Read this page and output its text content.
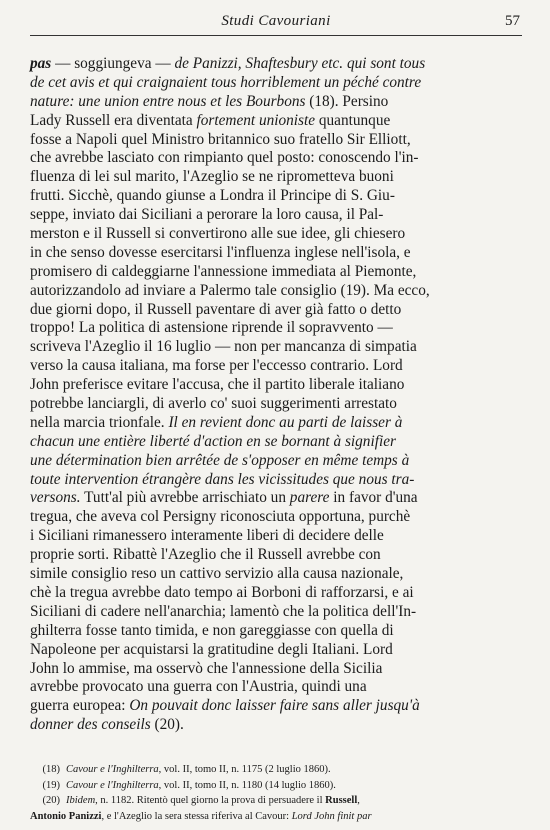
Studi Cavouriani	57
pas — soggiungeva — de Panizzi, Shaftesbury etc. qui sont tous
de cet avis et qui craignaient tous horriblement un péché contre
nature: une union entre nous et les Bourbons (18). Persino
Lady Russell era diventata fortement unioniste quantunque
fosse a Napoli quel Ministro britannico suo fratello Sir Elliott,
che avrebbe lasciato con rimpianto quel posto: conoscendo l'in-
fluenza di lei sul marito, l'Azeglio se ne riprometteva buoni
frutti. Sicchè, quando giunse a Londra il Principe di S. Giu-
seppe, inviato dai Siciliani a perorare la loro causa, il Pal-
merston e il Russell si convertirono alle sue idee, gli chiesero
in che senso dovesse esercitarsi l'influenza inglese nell'isola, e
promisero di caldeggiarne l'annessione immediata al Piemonte,
autorizzandolo ad inviare a Palermo tale consiglio (19). Ma ecco,
due giorni dopo, il Russell paventare di aver già fatto o detto
troppo! La politica di astensione riprende il sopravvento —
scriveva l'Azeglio il 16 luglio — non per mancanza di simpatia
verso la causa italiana, ma forse per l'eccesso contrario. Lord
John preferisce evitare l'accusa, che il partito liberale italiano
potrebbe lanciargli, di averlo co' suoi suggerimenti arrestato
nella marcia trionfale. Il en revient donc au parti de laisser à
chacun une entière liberté d'action en se bornant à signifier
une détermination bien arrêtée de s'opposer en même temps à
toute intervention étrangère dans les vicissitudes que nous tra-
versons. Tutt'al più avrebbe arrischiato un parere in favor d'una
tregua, che aveva col Persigny riconosciuta opportuna, purchè
i Siciliani rimanessero interamente liberi di decidere delle
proprie sorti. Ribattè l'Azeglio che il Russell avrebbe con
simile consiglio reso un cattivo servizio alla causa nazionale,
chè la tregua avrebbe dato tempo ai Borboni di rafforzarsi, e ai
Siciliani di cadere nell'anarchia; lamentò che la politica dell'In-
ghilterra fosse tanto timida, e non gareggiasse con quella di
Napoleone per acquistarsi la gratitudine degli Italiani. Lord
John lo ammise, ma osservò che l'annessione della Sicilia
avrebbe provocato una guerra con l'Austria, quindi una
guerra europea: On pouvait donc laisser faire sans aller jusqu'à
donner des conseils (20).
(18) Cavour e l'Inghilterra, vol. II, tomo II, n. 1175 (2 luglio 1860).
(19) Cavour e l'Inghilterra, vol. II, tomo II, n. 1180 (14 luglio 1860).
(20) Ibidem, n. 1182. Ritentò quel giorno la prova di persuadere il Russell,
Antonio Panizzi, e l'Azeglio la sera stessa riferiva al Cavour: Lord John finit par
